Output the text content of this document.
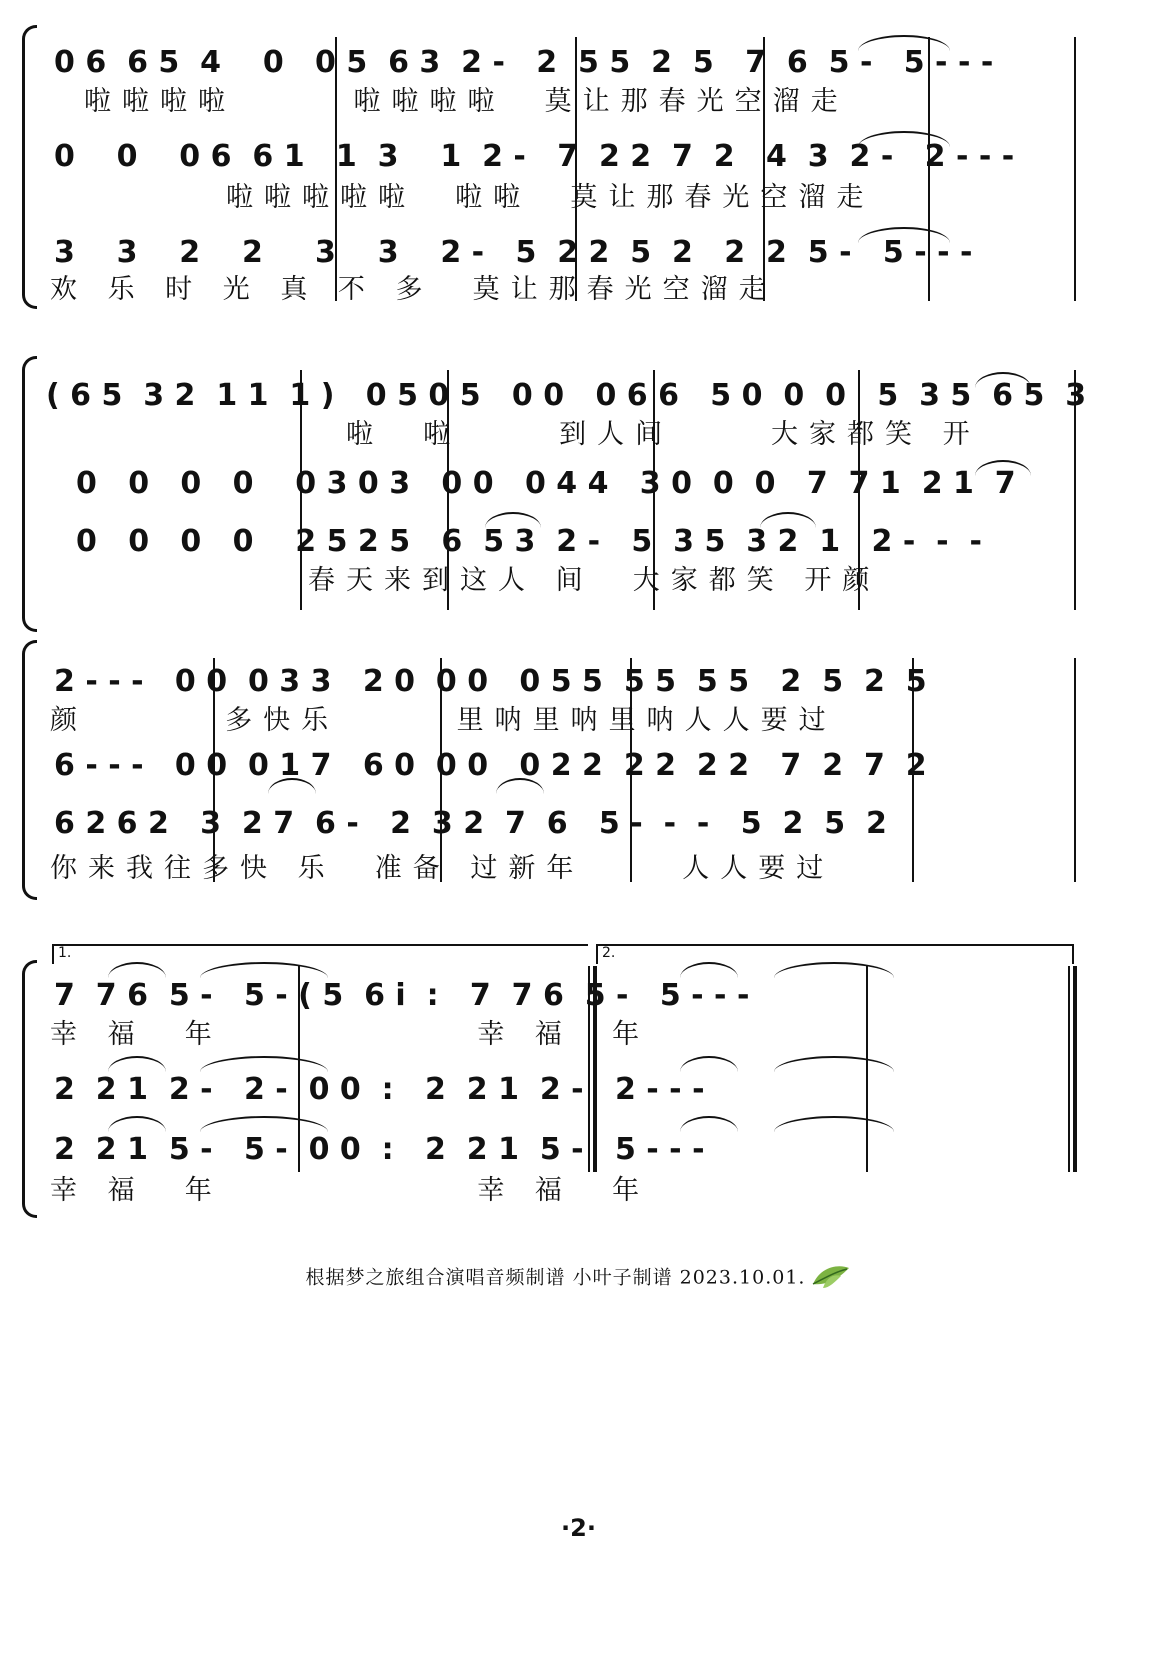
0 6  6 5  4    0   0 5  6 3  2 -   2  5 5  2  5   7  6  5 -   5 - - -
啦啦啦啦      啦啦啦啦  莫让那春光空溜走
0    0    0 6  6 1   1  3    1  2 -   7  2 2  7  2   4  3  2 -   2 - - -
啦啦啦啦啦  啦啦  莫让那春光空溜走
3    3    2    2     3    3    2 -   5  2 2  5  2   2  2  5 -   5 - - -
欢 乐 时 光 真 不 多  莫让那春光空溜走
( 6 5  3 2  1 1  1 )   0 5 0 5   0 0   0 6 6   5 0  0  0   5  3 5  6 5  3
啦  啦     到人间     大家都笑 开
0   0   0   0    0 3 0 3   0 0   0 4 4   3 0  0  0   7  7 1  2 1  7
0   0   0   0    2 5 2 5   6  5 3  2 -   5  3 5  3 2  1   2 -  -  -
春天来到这人 间  大家都笑 开颜
2 - - -   0 0  0 3 3   2 0  0 0   0 5 5  5 5  5 5   2  5  2  5
颜       多快乐      里呐里呐里呐人人要过
6 - - -   0 0  0 1 7   6 0  0 0   0 2 2  2 2  2 2   7  2  7  2
6 2 6 2   3  2 7  6 -   2  3 2  7  6   5 -  -  -   5  2  5  2
你来我往多快 乐  准备 过新年     人人要过
1.	2.
7  7 6  5 -   5 - ( 5  6 i  :   7  7 6  5 -   5 - - -
幸 福  年             幸 福  年
2  2 1  2 -   2 -  0 0  :   2  2 1  2 -   2 - - -
2  2 1  5 -   5 -  0 0  :   2  2 1  5 -   5 - - -
幸 福  年             幸 福  年
根据梦之旅组合演唱音频制谱 小叶子制谱 2023.10.01.
·2·
